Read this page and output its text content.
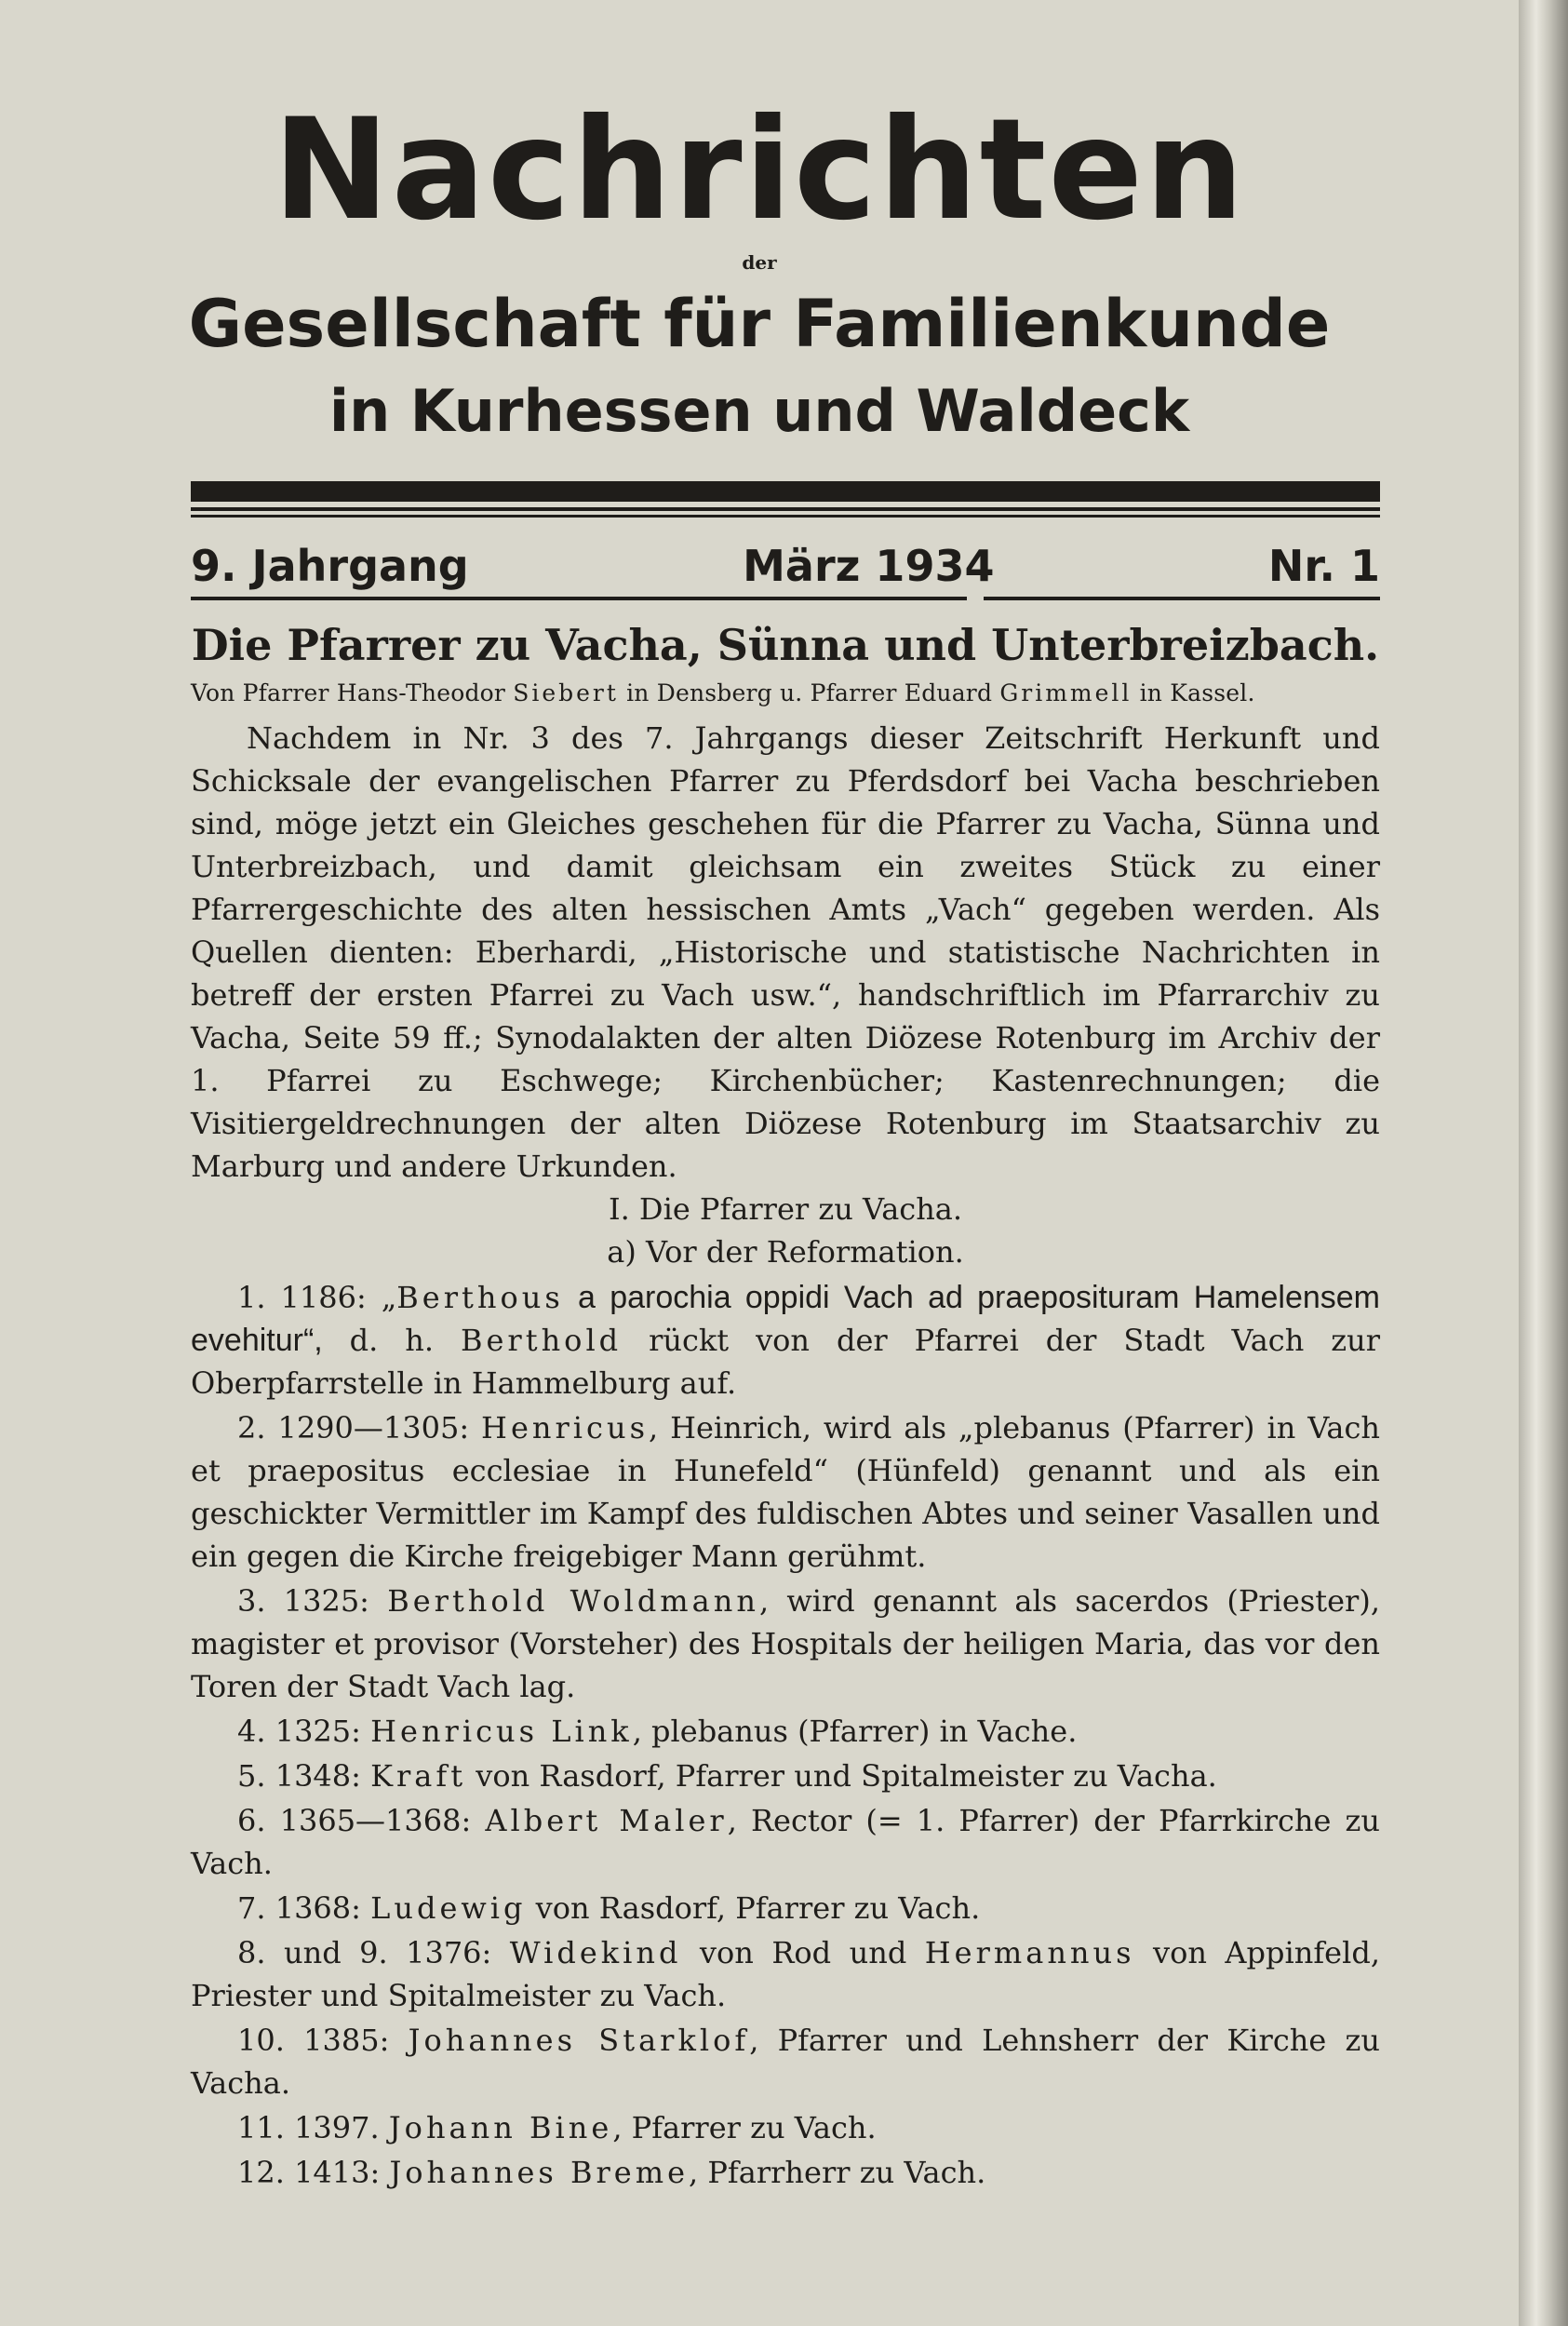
Nachrichten
der
Gesellschaft für Familienkunde
in Kurhessen und Waldeck
9. Jahrgang	März 1934	Nr. 1
Die Pfarrer zu Vacha, Sünna und Unterbreizbach.
Von Pfarrer Hans-Theodor Siebert in Densberg u. Pfarrer Eduard Grimmell in Kassel.

Nachdem in Nr. 3 des 7. Jahrgangs dieser Zeitschrift Herkunft und Schicksale der evangelischen Pfarrer zu Pferdsdorf bei Vacha beschrieben sind, möge jetzt ein Gleiches geschehen für die Pfarrer zu Vacha, Sünna und Unterbreizbach, und damit gleichsam ein zweites Stück zu einer Pfarrergeschichte des alten hessischen Amts „Vach“ gegeben werden. Als Quellen dienten: Eberhardi, „Historische und statistische Nachrichten in betreff der ersten Pfarrei zu Vach usw.“, handschriftlich im Pfarrarchiv zu Vacha, Seite 59 ff.; Synodalakten der alten Diözese Rotenburg im Archiv der 1. Pfarrei zu Eschwege; Kirchenbücher; Kastenrechnungen; die Visitiergeldrechnungen der alten Diözese Rotenburg im Staatsarchiv zu Marburg und andere Urkunden.

I. Die Pfarrer zu Vacha.
a) Vor der Reformation.

1. 1186: „Berthous a parochia oppidi Vach ad praeposituram Hamelensem evehitur“, d. h. Berthold rückt von der Pfarrei der Stadt Vach zur Oberpfarrstelle in Hammelburg auf.

2. 1290—1305: Henricus, Heinrich, wird als „plebanus (Pfarrer) in Vach et praepositus ecclesiae in Hunefeld“ (Hünfeld) genannt und als ein geschickter Vermittler im Kampf des fuldischen Abtes und seiner Vasallen und ein gegen die Kirche freigebiger Mann gerühmt.

3. 1325: Berthold Woldmann, wird genannt als sacerdos (Priester), magister et provisor (Vorsteher) des Hospitals der heiligen Maria, das vor den Toren der Stadt Vach lag.

4. 1325: Henricus Link, plebanus (Pfarrer) in Vache.

5. 1348: Kraft von Rasdorf, Pfarrer und Spitalmeister zu Vacha.

6. 1365—1368: Albert Maler, Rector (= 1. Pfarrer) der Pfarrkirche zu Vach.

7. 1368: Ludewig von Rasdorf, Pfarrer zu Vach.

8. und 9. 1376: Widekind von Rod und Hermannus von Appinfeld, Priester und Spitalmeister zu Vach.

10. 1385: Johannes Starklof, Pfarrer und Lehnsherr der Kirche zu Vacha.

11. 1397. Johann Bine, Pfarrer zu Vach.

12. 1413: Johannes Breme, Pfarrherr zu Vach.
